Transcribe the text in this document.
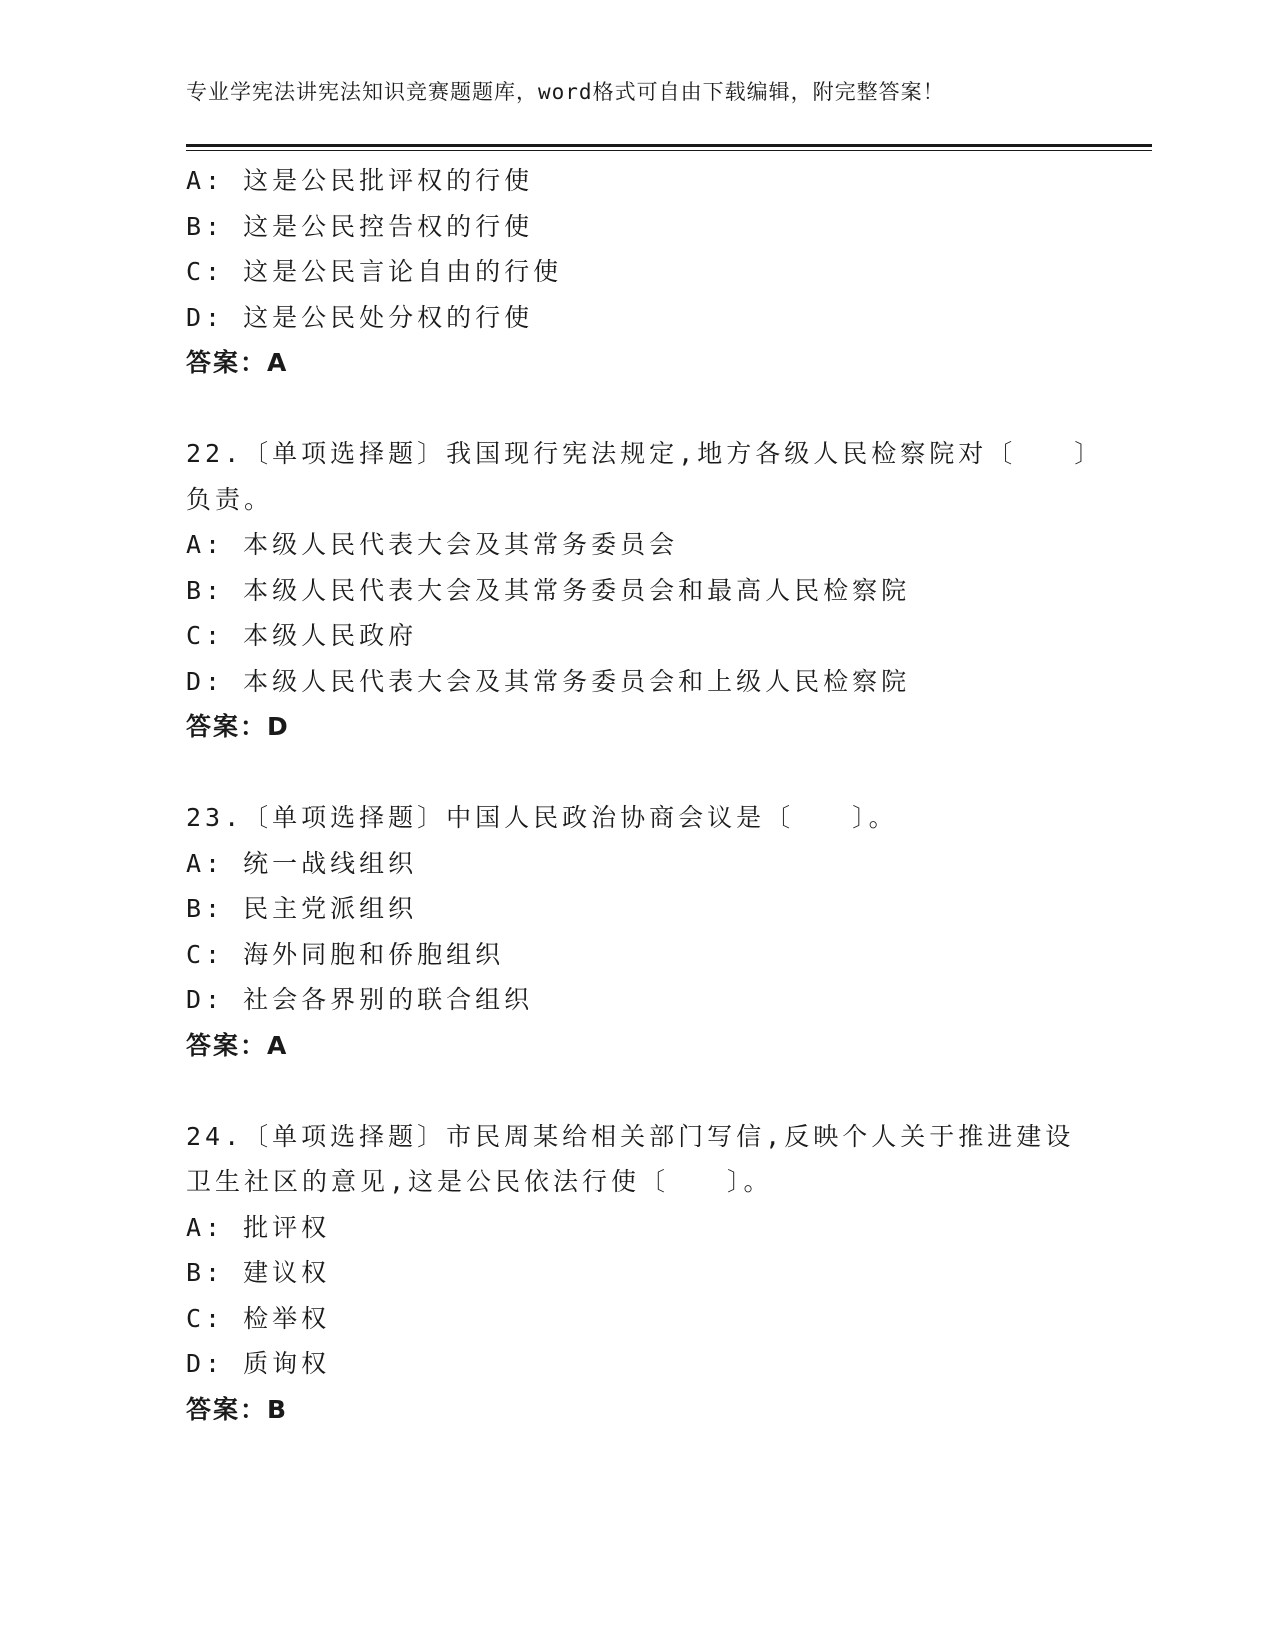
专业学宪法讲宪法知识竞赛题题库，word格式可自由下载编辑，附完整答案！
A: 这是公民批评权的行使
B: 这是公民控告权的行使
C: 这是公民言论自由的行使
D: 这是公民处分权的行使
答案：A
22.〔单项选择题〕我国现行宪法规定,地方各级人民检察院对〔　　〕
负责。
A: 本级人民代表大会及其常务委员会
B: 本级人民代表大会及其常务委员会和最高人民检察院
C: 本级人民政府
D: 本级人民代表大会及其常务委员会和上级人民检察院
答案：D
23.〔单项选择题〕中国人民政治协商会议是〔　　〕。
A: 统一战线组织
B: 民主党派组织
C: 海外同胞和侨胞组织
D: 社会各界别的联合组织
答案：A
24.〔单项选择题〕市民周某给相关部门写信,反映个人关于推进建设
卫生社区的意见,这是公民依法行使〔　　〕。
A: 批评权
B: 建议权
C: 检举权
D: 质询权
答案：B
